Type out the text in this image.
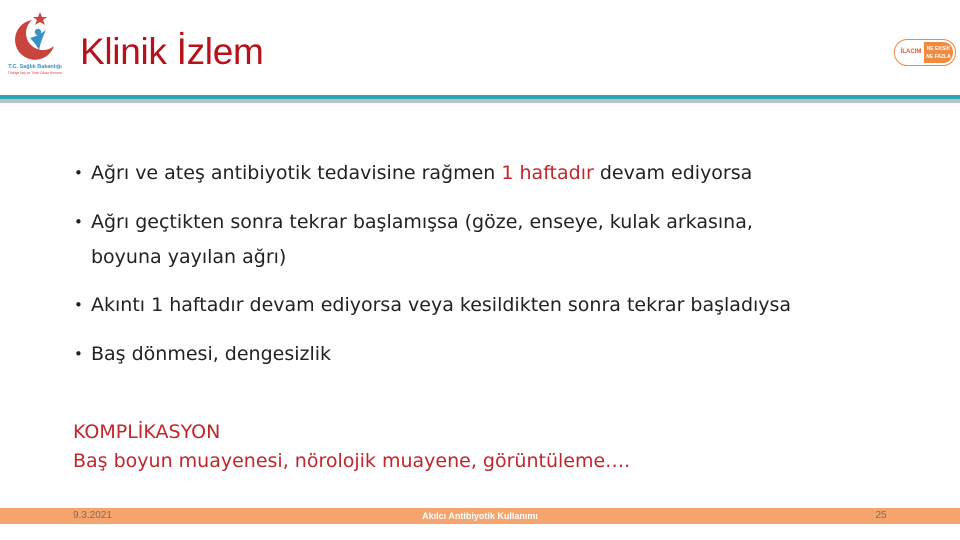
T.C. Sağlık Bakanlığı
Türkiye İlaç ve Tıbbi Cihaz Kurumu
Klinik İzlem	İLACIM	NE EKSİK
NE FAZLA
• Ağrı ve ateş antibiyotik tedavisine rağmen 1 haftadır devam ediyorsa
• Ağrı geçtikten sonra tekrar başlamışsa (göze, enseye, kulak arkasına,
boyuna yayılan ağrı)
• Akıntı 1 haftadır devam ediyorsa veya kesildikten sonra tekrar başladıysa
• Baş dönmesi, dengesizlik
KOMPLİKASYON
Baş boyun muayenesi, nörolojik muayene, görüntüleme….
9.3.2021	Akılcı Antibiyotik Kullanımı	25
